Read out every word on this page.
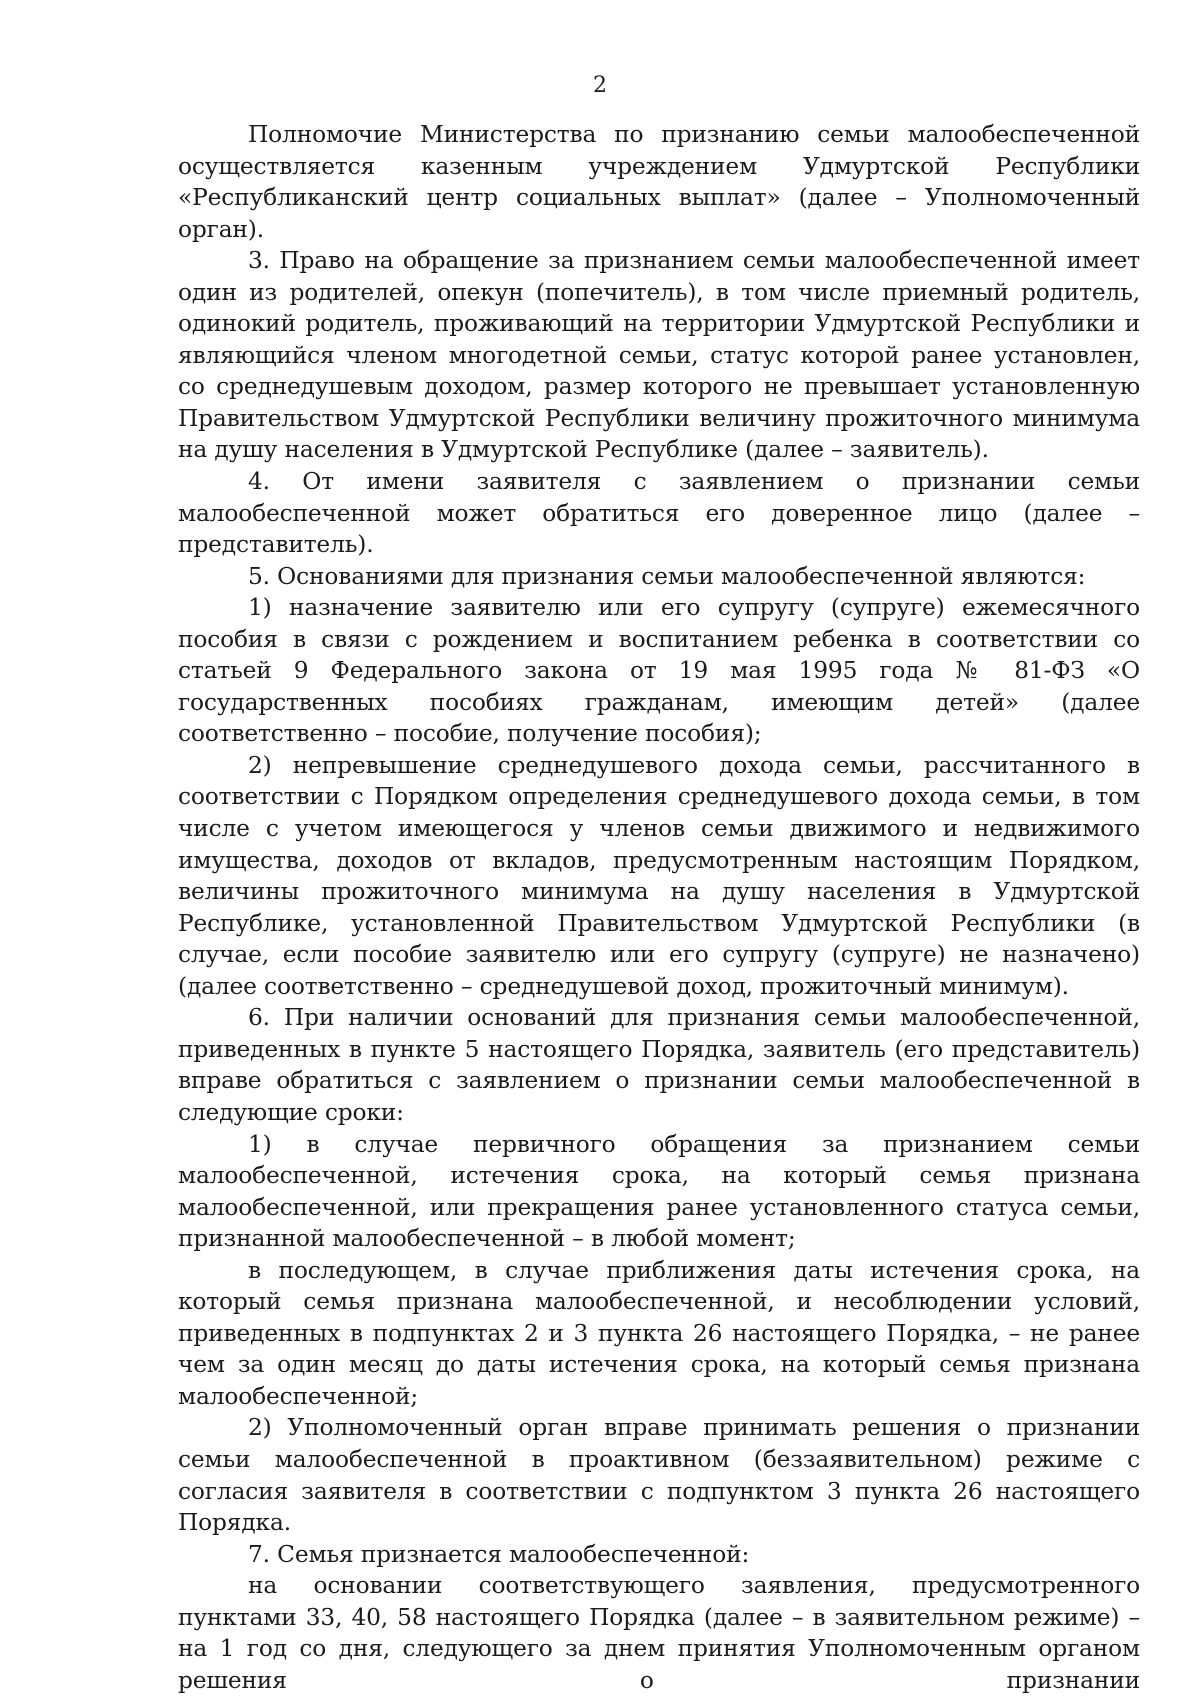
2

Полномочие Министерства по признанию семьи малообеспеченной осуществляется казенным учреждением Удмуртской Республики «Республиканский центр социальных выплат» (далее – Уполномоченный орган).

3. Право на обращение за признанием семьи малообеспеченной имеет один из родителей, опекун (попечитель), в том числе приемный родитель, одинокий родитель, проживающий на территории Удмуртской Республики и являющийся членом многодетной семьи, статус которой ранее установлен, со среднедушевым доходом, размер которого не превышает установленную Правительством Удмуртской Республики величину прожиточного минимума на душу населения в Удмуртской Республике (далее – заявитель).

4. От имени заявителя с заявлением о признании семьи малообеспеченной может обратиться его доверенное лицо (далее – представитель).

5. Основаниями для признания семьи малообеспеченной являются:

1) назначение заявителю или его супругу (супруге) ежемесячного пособия в связи с рождением и воспитанием ребенка в соответствии со статьей 9 Федерального закона от 19 мая 1995 года № 81-ФЗ «О государственных пособиях гражданам, имеющим детей» (далее соответственно – пособие, получение пособия);

2) непревышение среднедушевого дохода семьи, рассчитанного в соответствии с Порядком определения среднедушевого дохода семьи, в том числе с учетом имеющегося у членов семьи движимого и недвижимого имущества, доходов от вкладов, предусмотренным настоящим Порядком, величины прожиточного минимума на душу населения в Удмуртской Республике, установленной Правительством Удмуртской Республики (в случае, если пособие заявителю или его супругу (супруге) не назначено) (далее соответственно – среднедушевой доход, прожиточный минимум).

6. При наличии оснований для признания семьи малообеспеченной, приведенных в пункте 5 настоящего Порядка, заявитель (его представитель) вправе обратиться с заявлением о признании семьи малообеспеченной в следующие сроки:

1) в случае первичного обращения за признанием семьи малообеспеченной, истечения срока, на который семья признана малообеспеченной, или прекращения ранее установленного статуса семьи, признанной малообеспеченной – в любой момент;

в последующем, в случае приближения даты истечения срока, на который семья признана малообеспеченной, и несоблюдении условий, приведенных в подпунктах 2 и 3 пункта 26 настоящего Порядка, – не ранее чем за один месяц до даты истечения срока, на который семья признана малообеспеченной;

2) Уполномоченный орган вправе принимать решения о признании семьи малообеспеченной в проактивном (беззаявительном) режиме с согласия заявителя в соответствии с подпунктом 3 пункта 26 настоящего Порядка.

7. Семья признается малообеспеченной:

на основании соответствующего заявления, предусмотренного пунктами 33, 40, 58 настоящего Порядка (далее – в заявительном режиме) – на 1 год со дня, следующего за днем принятия Уполномоченным органом решения о признании
